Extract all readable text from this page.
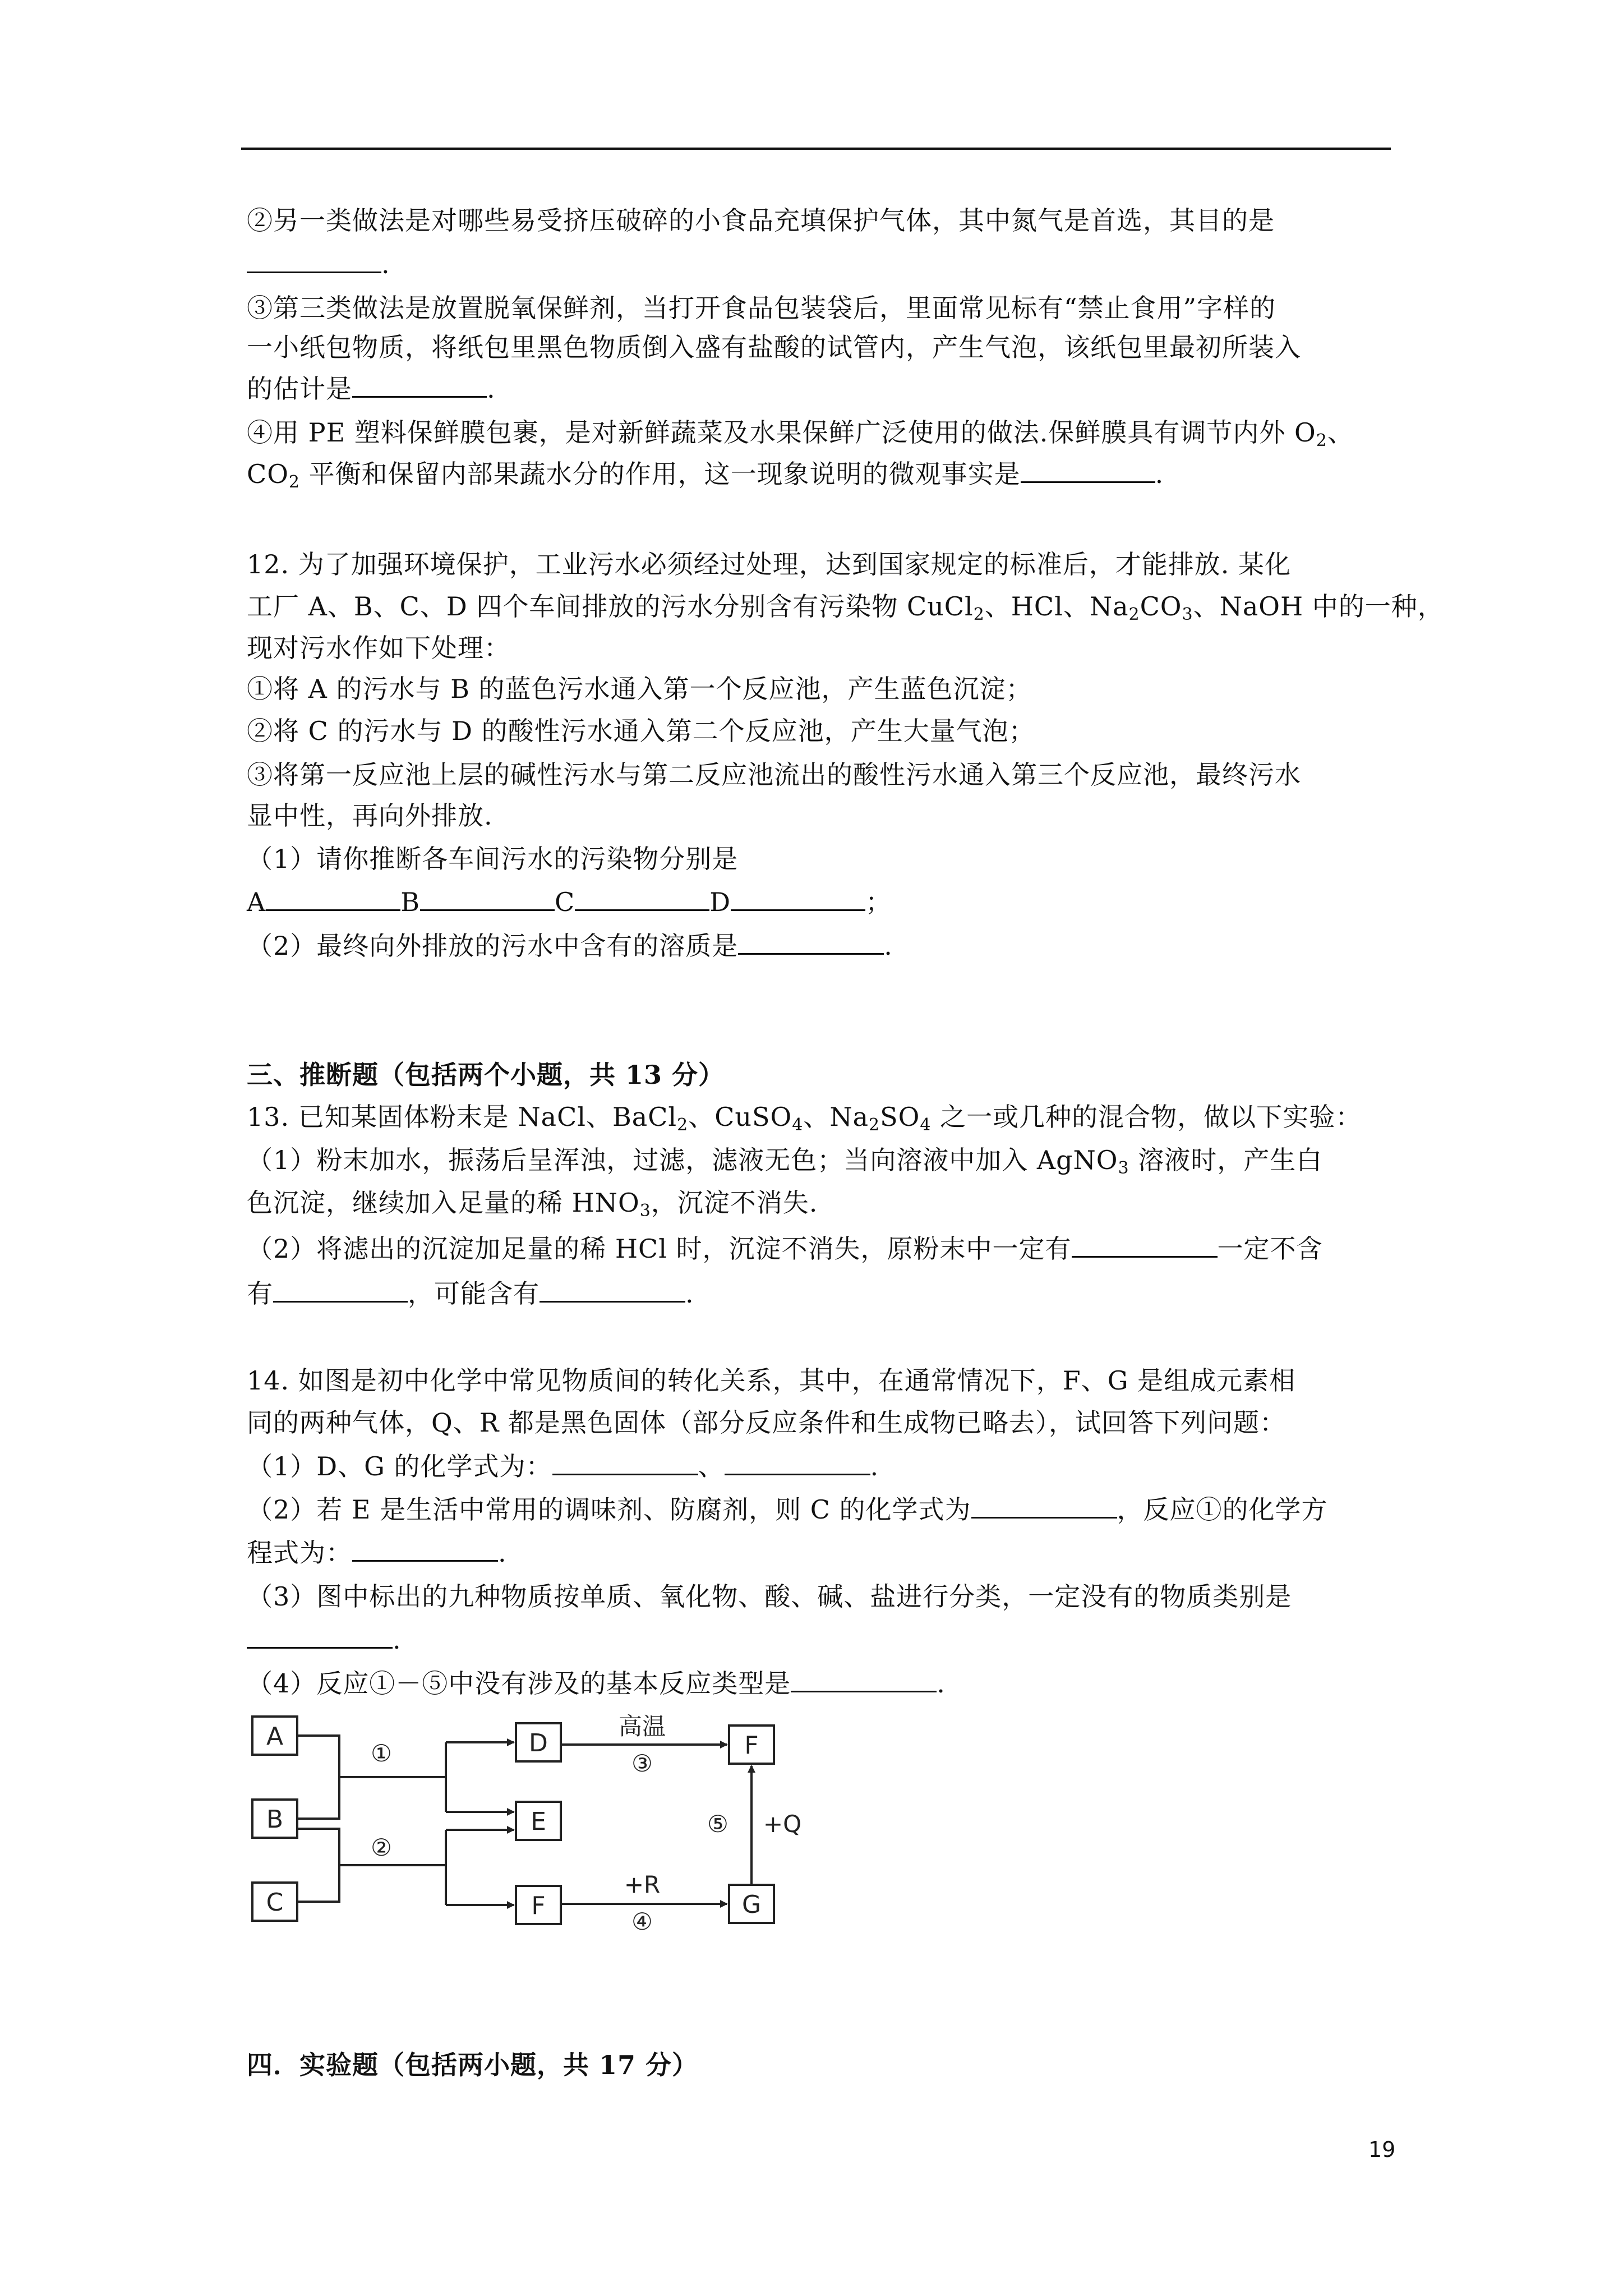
②另一类做法是对哪些易受挤压破碎的小食品充填保护气体，其中氮气是首选，其目的是
.
③第三类做法是放置脱氧保鲜剂，当打开食品包装袋后，里面常见标有“禁止食用”字样的
一小纸包物质，将纸包里黑色物质倒入盛有盐酸的试管内，产生气泡，该纸包里最初所装入
的估计是	.
④用 PE 塑料保鲜膜包裹，是对新鲜蔬菜及水果保鲜广泛使用的做法.保鲜膜具有调节内外 $O_2$、
$CO_2$ 平衡和保留内部果蔬水分的作用，这一现象说明的微观事实是	.
12. 为了加强环境保护，工业污水必须经过处理，达到国家规定的标准后，才能排放. 某化
工厂 A、B、C、D 四个车间排放的污水分别含有污染物 CuCl$_2$、HCl、$Na_2CO_3$、NaOH 中的一种，
现对污水作如下处理：
①将 A 的污水与 B 的蓝色污水通入第一个反应池，产生蓝色沉淀；
②将 C 的污水与 D 的酸性污水通入第二个反应池，产生大量气泡；
③将第一反应池上层的碱性污水与第二反应池流出的酸性污水通入第三个反应池，最终污水
显中性，再向外排放.
（1）请你推断各车间污水的污染物分别是
A	B	C	D	；
（2）最终向外排放的污水中含有的溶质是	.
三、推断题（包括两个小题，共 13 分）
13. 已知某固体粉末是 NaCl、BaCl$_2$、CuSO$_4$、$Na_2SO_4$ 之一或几种的混合物，做以下实验：
（1）粉末加水，振荡后呈浑浊，过滤，滤液无色；当向溶液中加入 AgNO$_3$ 溶液时，产生白
色沉淀，继续加入足量的稀 $HNO_3$，沉淀不消失.
（2）将滤出的沉淀加足量的稀 HCl 时，沉淀不消失，原粉末中一定有	一定不含
有	，可能含有	.
14. 如图是初中化学中常见物质间的转化关系，其中，在通常情况下，F、G 是组成元素相
同的两种气体，Q、R 都是黑色固体（部分反应条件和生成物已略去），试回答下列问题：
（1）D、G 的化学式为：	、	.
（2）若 E 是生活中常用的调味剂、防腐剂，则 C 的化学式为	，反应①的化学方
程式为：	.
（3）图中标出的九种物质按单质、氧化物、酸、碱、盐进行分类，一定没有的物质类别是
.
（4）反应①－⑤中没有涉及的基本反应类型是	.
A
B
C
D
E
F
F
G
①
②
③
④
⑤
高温
+R
+Q
四．实验题（包括两小题，共 17 分）
19
